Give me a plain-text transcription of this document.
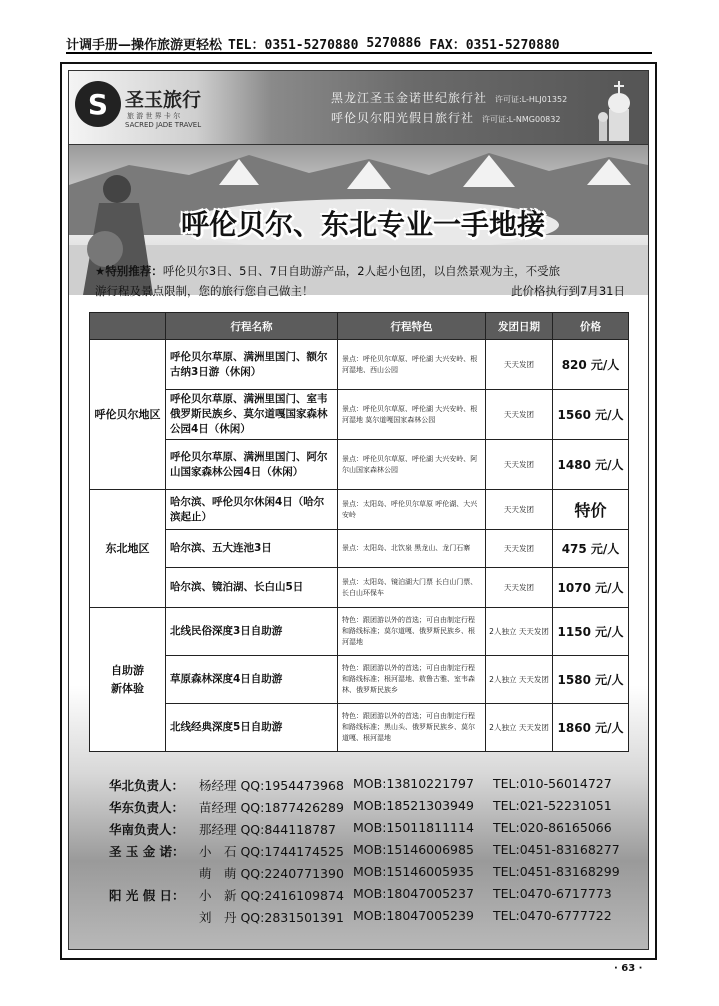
计调手册—操作旅游更轻松 TEL：0351-5270880 5270886 FAX：0351-5270880
S 圣玉旅行
旅 游 世 界 卡 尔
SACRED JADE TRAVEL
黑龙江圣玉金诺世纪旅行社 许可证:L-HLJ01352
呼伦贝尔阳光假日旅行社 许可证:L-NMG00832
呼伦贝尔、东北专业一手地接
★特别推荐：呼伦贝尔3日、5日、7日自助游产品，2人起小包团，以自然景观为主，不受旅
游行程及景点限制，您的旅行您自己做主！	此价格执行到7月31日
	行程名称	行程特色	发团日期	价格
呼伦贝尔地区	呼伦贝尔草原、满洲里国门、额尔古纳3日游（休闲）	景点：呼伦贝尔草原、呼伦湖 大兴安岭、根河湿地、西山公园	天天发团	820 元/人
	呼伦贝尔草原、满洲里国门、室韦俄罗斯民族乡、莫尔道嘎国家森林公园4日（休闲）	景点：呼伦贝尔草原、呼伦湖 大兴安岭、根河湿地 莫尔道嘎国家森林公园	天天发团	1560 元/人
	呼伦贝尔草原、满洲里国门、阿尔山国家森林公园4日（休闲）	景点：呼伦贝尔草原、呼伦湖 大兴安岭、阿尔山国家森林公园	天天发团	1480 元/人
东北地区	哈尔滨、呼伦贝尔休闲4日（哈尔滨起止）	景点：太阳岛、呼伦贝尔草原 呼伦湖、大兴安岭	天天发团	特价
	哈尔滨、五大连池3日	景点：太阳岛、北饮泉 黑龙山、龙门石寨	天天发团	475 元/人
	哈尔滨、镜泊湖、长白山5日	景点：太阳岛、镜泊湖大门票 长白山门票、长白山环保车	天天发团	1070 元/人

自助游
新体验	北线民俗深度3日自助游	特色：跟团游以外的首选；可自由制定行程和路线标准；莫尔道嘎、俄罗斯民族乡、根河湿地	2人独立 天天发团	1150 元/人
	草原森林深度4日自助游	特色：跟团游以外的首选；可自由制定行程和路线标准；根河湿地、敖鲁古雅、室韦森林、俄罗斯民族乡	2人独立 天天发团	1580 元/人
	北线经典深度5日自助游	特色：跟团游以外的首选；可自由制定行程和路线标准；黑山头、俄罗斯民族乡、莫尔道嘎、根河湿地	2人独立 天天发团	1860 元/人
华北负责人：	杨经理 QQ:1954473968 MOB:13810221797 TEL:010-56014727
华东负责人：	苗经理 QQ:1877426289 MOB:18521303949 TEL:021-52231051
华南负责人：	那经理 QQ:844118787 MOB:15011811114 TEL:020-86165066
圣 玉 金 诺：	小　石 QQ:1744174525 MOB:15146006985 TEL:0451-83168277
萌　萌 QQ:2240771390 MOB:15146005935 TEL:0451-83168299
阳 光 假 日：	小　新 QQ:2416109874 MOB:18047005237 TEL:0470-6717773
刘　丹 QQ:2831501391 MOB:18047005239 TEL:0470-6777722
· 63 ·
